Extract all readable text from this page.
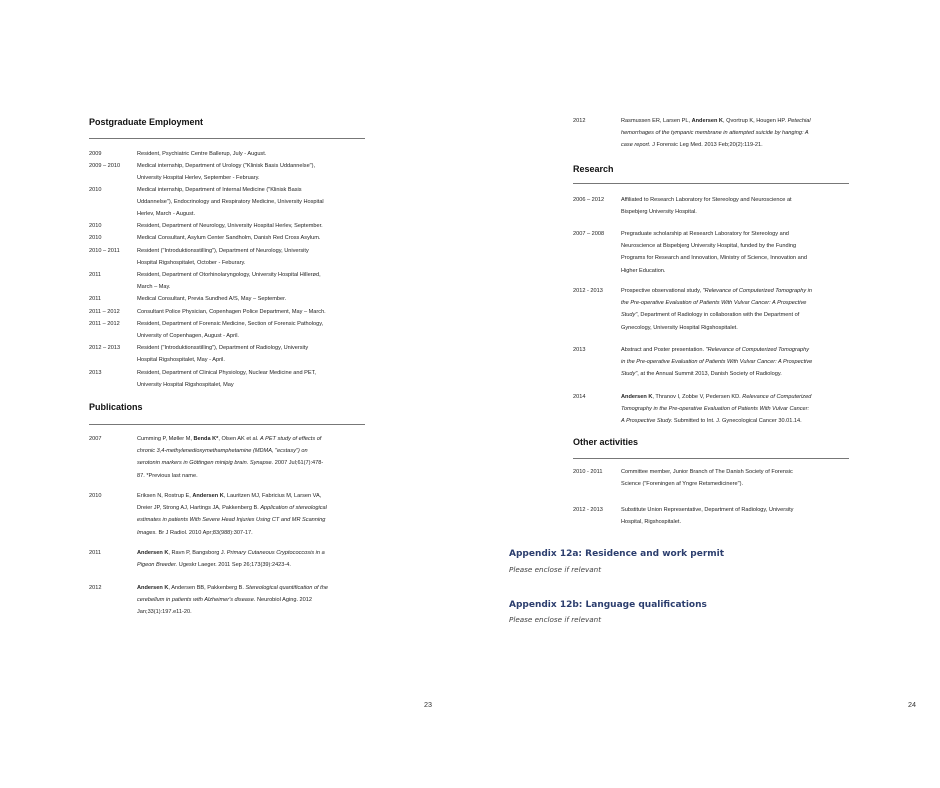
Postgraduate Employment
2009	Resident, Psychiatric Centre Ballerup, July - August.
2009 – 2010	Medical internship, Department of Urology ("Klinisk Basis Uddannelse"),
University Hospital Herlev, September - February.
2010	Medical internship, Department of Internal Medicine ("Klinisk Basis
Uddannelse"), Endocrinology and Respiratory Medicine, University Hospital
Herlev, March - August.
2010	Resident, Department of Neurology, University Hospital Herlev, September.
2010	Medical Consultant, Asylum Center Sandholm, Danish Red Cross Asylum.
2010 – 2011	Resident ("Introduktionsstilling"), Department of Neurology, University
Hospital Rigshospitalet, October - Feburary.
2011	Resident, Department of Otorhinolaryngology, University Hospital Hillerød,
March – May.
2011	Medical Consultant, Previa Sundhed A/S, May – September.
2011 – 2012	Consultant Police Physician, Copenhagen Police Department, May – March.
2011 – 2012	Resident, Department of Forensic Medicine, Section of Forensic Pathology,
University of Copenhagen, August - April.
2012 – 2013	Resident ("Introduktionsstilling"), Department of Radiology, University
Hospital Rigshospitalet, May - April.
2013	Resident, Department of Clinical Physiology, Nuclear Medicine and PET,
University Hospital Rigshospitalet, May
Publications
2007	Cumming P, Møller M, Benda K*, Olsen AK et al. A PET study of effects of
chronic 3,4-methylenedioxymethamphetamine (MDMA, "ecstasy") on
serotonin markers in Göttingen minipig brain. Synapse. 2007 Jul;61(7):478-
87. *Previous last name.
2010	Eriksen N, Rostrup E, Andersen K, Lauritzen MJ, Fabricius M, Larsen VA,
Dreier JP, Strong AJ, Hartings JA, Pakkenberg B. Application of stereological
estimates in patients With Severe Head Injuries Using CT and MR Scanning
Images. Br J Radiol. 2010 Apr;83(988):307-17.
2011	Andersen K, Ravn P, Bangsborg J. Primary Cutaneous Cryptococcosis in a
Pigeon Breeder. Ugeskr Laeger. 2011 Sep 26;173(39):2423-4.
2012	Andersen K, Andersen BB, Pakkenberg B. Stereological quantification of the
cerebellum in patients with Alzheimer's disease. Neurobiol Aging. 2012
Jan;33(1):197.e11-20.
23
2012	Rasmussen ER, Larsen PL, Andersen K, Qvortrup K, Hougen HP. Petechial
hemorrhages of the tympanic membrane in attempted suicide by hanging: A
case report. J Forensic Leg Med. 2013 Feb;20(2):119-21.
Research
2006 – 2012	Affiliated to Research Laboratory for Stereology and Neuroscience at
Bispebjerg University Hospital.
2007 – 2008	Pregraduate scholarship at Research Laboratory for Stereology and
Neuroscience at Bispebjerg University Hospital, funded by the Funding
Programs for Research and Innovation, Ministry of Science, Innovation and
Higher Education.
2012 - 2013	Prospective observational study, "Relevance of Computerized Tomography in
the Pre-operative Evaluation of Patients With Vulvar Cancer: A Prospective
Study", Department of Radiology in collaboration with the Department of
Gynecology, University Hospital Rigshospitalet.
2013	Abstract and Poster presentation. "Relevance of Computerized Tomography
in the Pre-operative Evaluation of Patients With Vulvar Cancer: A Prospective
Study", at the Annual Summit 2013, Danish Society of Radiology.
2014	Andersen K, Thranov I, Zobbe V, Pedersen KD. Relevance of Computerized
Tomography in the Pre-operative Evaluation of Patients With Vulvar Cancer:
A Prospective Study. Submitted to Int. J. Gynecological Cancer 30.01.14.
Other activities
2010 - 2011	Committee member, Junior Branch of The Danish Society of Forensic
Science ("Foreningen af Yngre Retsmedicinere").
2012 - 2013	Substitute Union Representative, Department of Radiology, University
Hospital, Rigshospitalet.
Appendix 12a: Residence and work permit
Please enclose if relevant
Appendix 12b: Language qualifications
Please enclose if relevant
24
